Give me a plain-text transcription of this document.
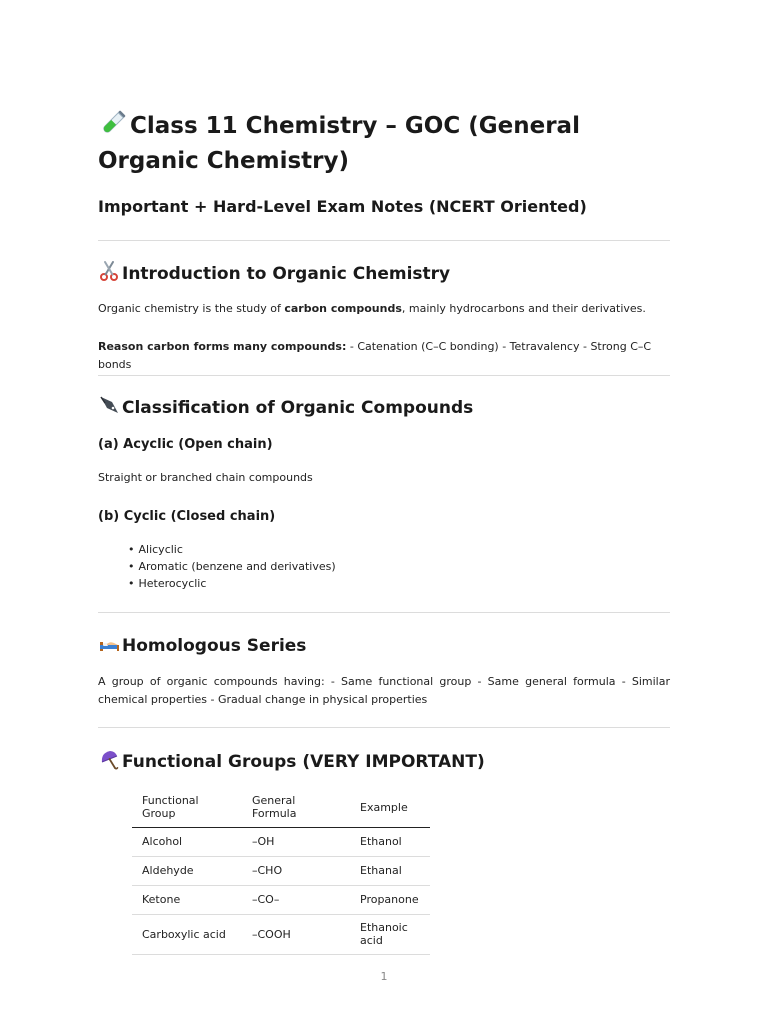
Class 11 Chemistry – GOC (General Organic Chemistry)
Important + Hard-Level Exam Notes (NCERT Oriented)
Introduction to Organic Chemistry

Organic chemistry is the study of carbon compounds, mainly hydrocarbons and their derivatives.

Reason carbon forms many compounds: - Catenation (C–C bonding) - Tetravalency - Strong C–C bonds

Classification of Organic Compounds
(a) Acyclic (Open chain)

Straight or branched chain compounds

(b) Cyclic (Closed chain)
• Alicyclic
• Aromatic (benzene and derivatives)
• Heterocyclic
Homologous Series

A group of organic compounds having: - Same functional group - Same general formula - Similar chemical properties - Gradual change in physical properties

Functional Groups (VERY IMPORTANT)
Functional Group	General Formula	Example
Alcohol	–OH	Ethanol
Aldehyde	–CHO	Ethanal
Ketone	–CO–	Propanone
Carboxylic acid	–COOH	Ethanoic acid
1
